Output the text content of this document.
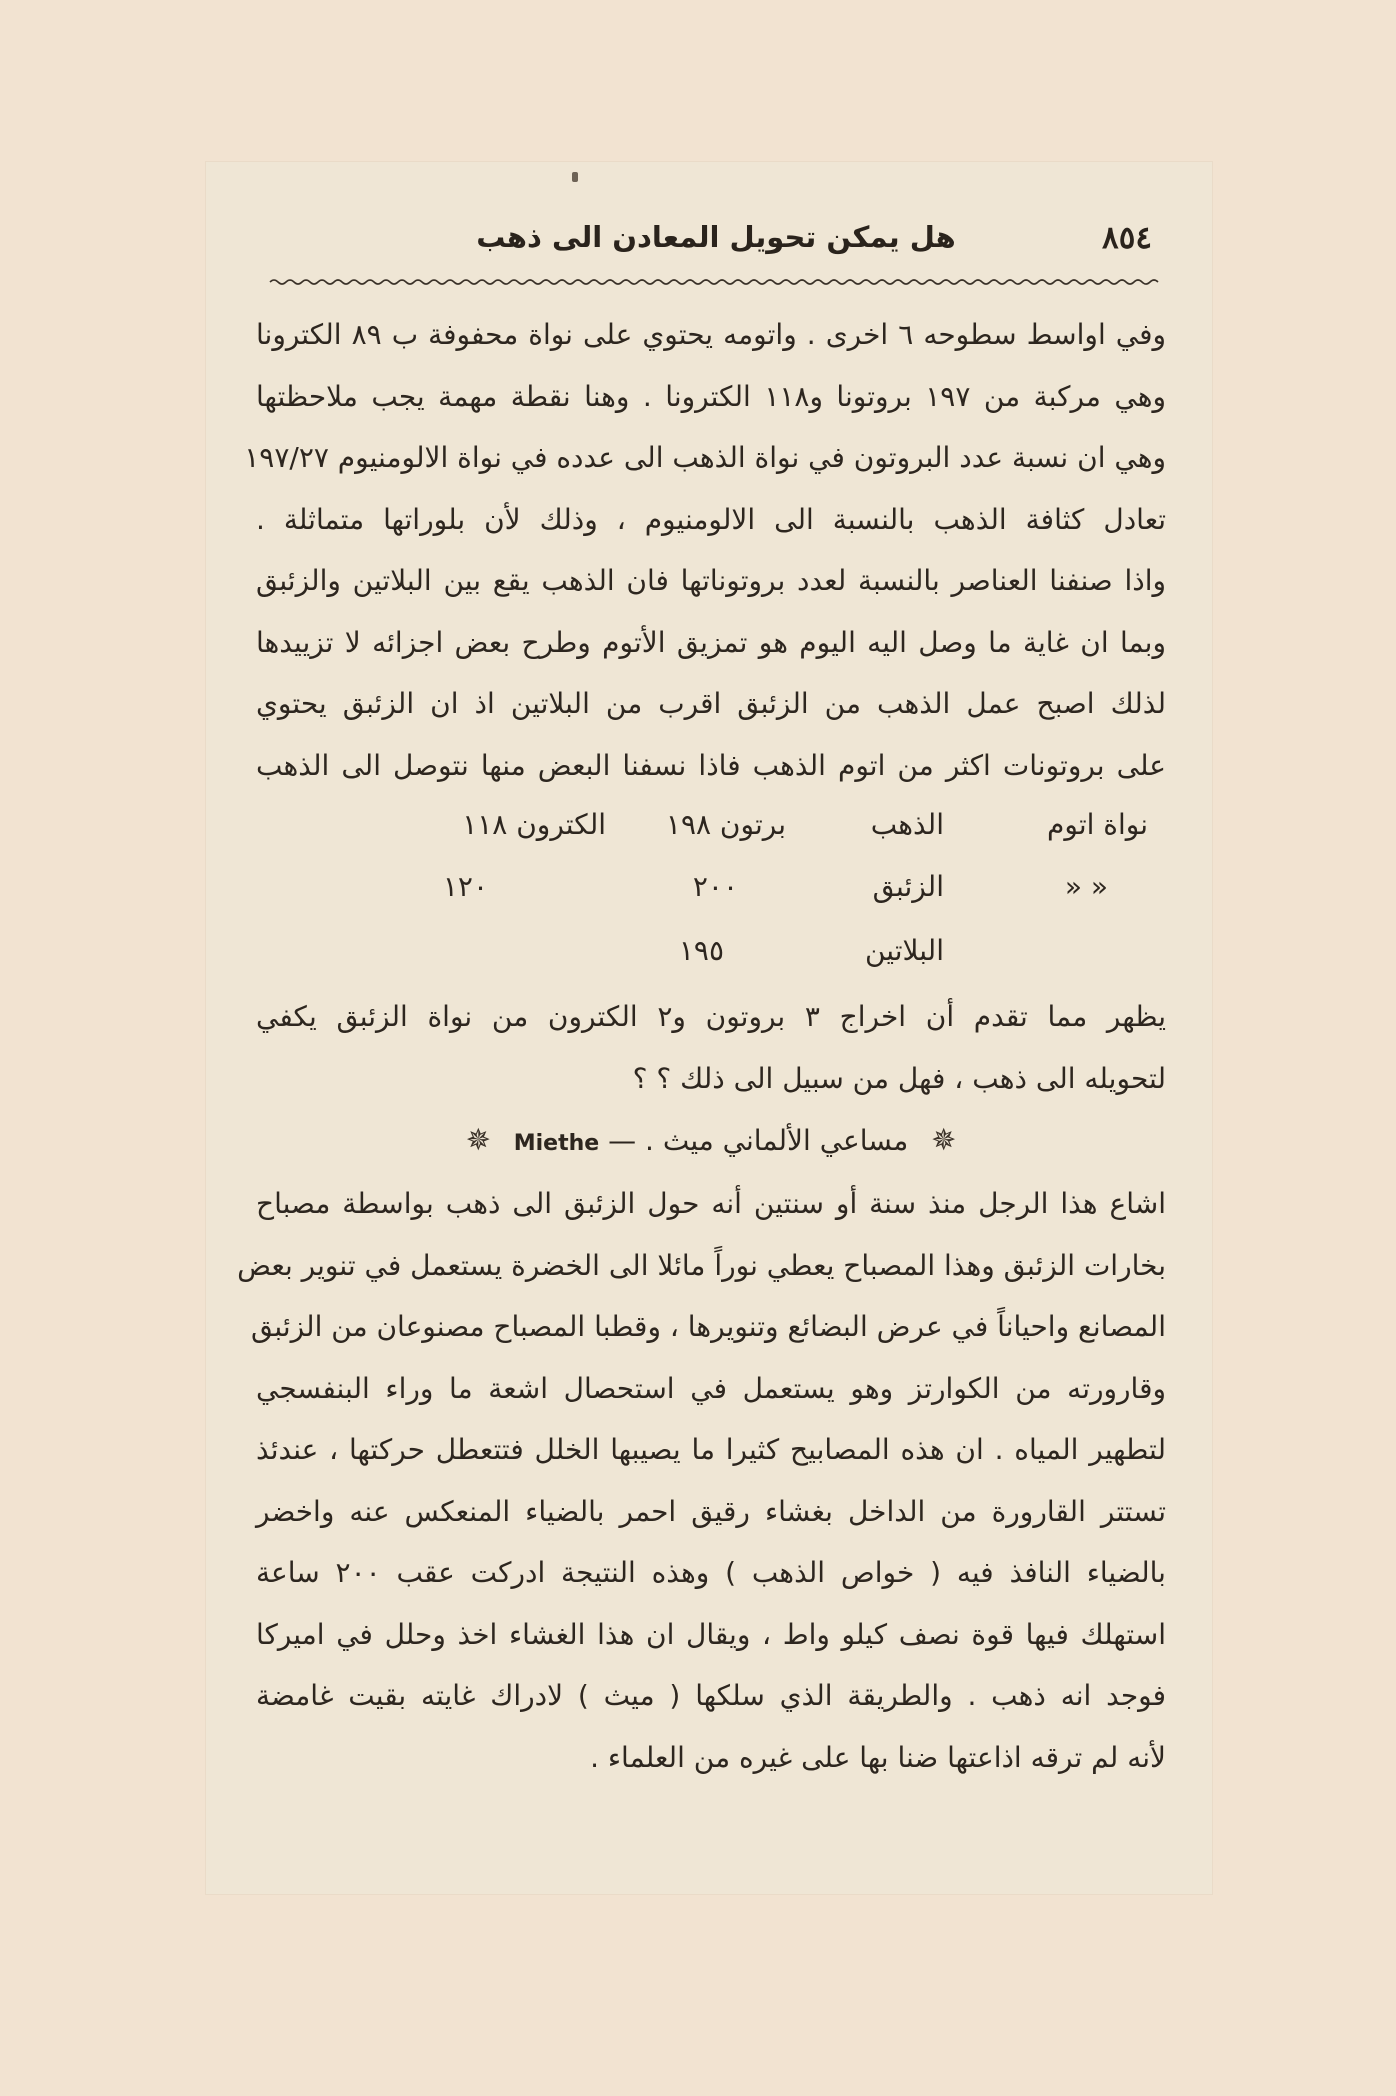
٨٥٤
هل يمكن تحويل المعادن الى ذهب
وفي اواسط سطوحه ٦ اخرى . واتومه يحتوي على نواة محفوفة ب ٨٩ الكترونا
وهي مركبة من ١٩٧ بروتونا و١١٨ الكترونا . وهنا نقطة مهمة يجب ملاحظتها
وهي ان نسبة عدد البروتون في نواة الذهب الى عدده في نواة الالومنيوم ١٩٧/٢٧
تعادل كثافة الذهب بالنسبة الى الالومنيوم ، وذلك لأن بلوراتها متماثلة .
واذا صنفنا العناصر بالنسبة لعدد بروتوناتها فان الذهب يقع بين البلاتين والزئبق
وبما ان غاية ما وصل اليه اليوم هو تمزيق الأتوم وطرح بعض اجزائه لا تزييدها
لذلك اصبح عمل الذهب من الزئبق اقرب من البلاتين اذ ان الزئبق يحتوي
على بروتونات اكثر من اتوم الذهب فاذا نسفنا البعض منها نتوصل الى الذهب
نواة اتوم
الذهب
برتون ١٩٨
الكترون ١١٨
« «
الزئبق
٢٠٠
١٢٠
البلاتين
١٩٥
يظهر مما تقدم أن اخراج ٣ بروتون و٢ الكترون من نواة الزئبق يكفي
لتحويله الى ذهب ، فهل من سبيل الى ذلك ؟ ؟
✵ مساعي الألماني ميث . — Miethe ✵
اشاع هذا الرجل منذ سنة أو سنتين أنه حول الزئبق الى ذهب بواسطة مصباح
بخارات الزئبق وهذا المصباح يعطي نوراً مائلا الى الخضرة يستعمل في تنوير بعض
المصانع واحياناً في عرض البضائع وتنويرها ، وقطبا المصباح مصنوعان من الزئبق
وقارورته من الكوارتز وهو يستعمل في استحصال اشعة ما وراء البنفسجي
لتطهير المياه . ان هذه المصابيح كثيرا ما يصيبها الخلل فتتعطل حركتها ، عندئذ
تستتر القارورة من الداخل بغشاء رقيق احمر بالضياء المنعكس عنه واخضر
بالضياء النافذ فيه ( خواص الذهب ) وهذه النتيجة ادركت عقب ٢٠٠ ساعة
استهلك فيها قوة نصف كيلو واط ، ويقال ان هذا الغشاء اخذ وحلل في اميركا
فوجد انه ذهب . والطريقة الذي سلكها ( ميث ) لادراك غايته بقيت غامضة
لأنه لم ترقه اذاعتها ضنا بها على غيره من العلماء .
